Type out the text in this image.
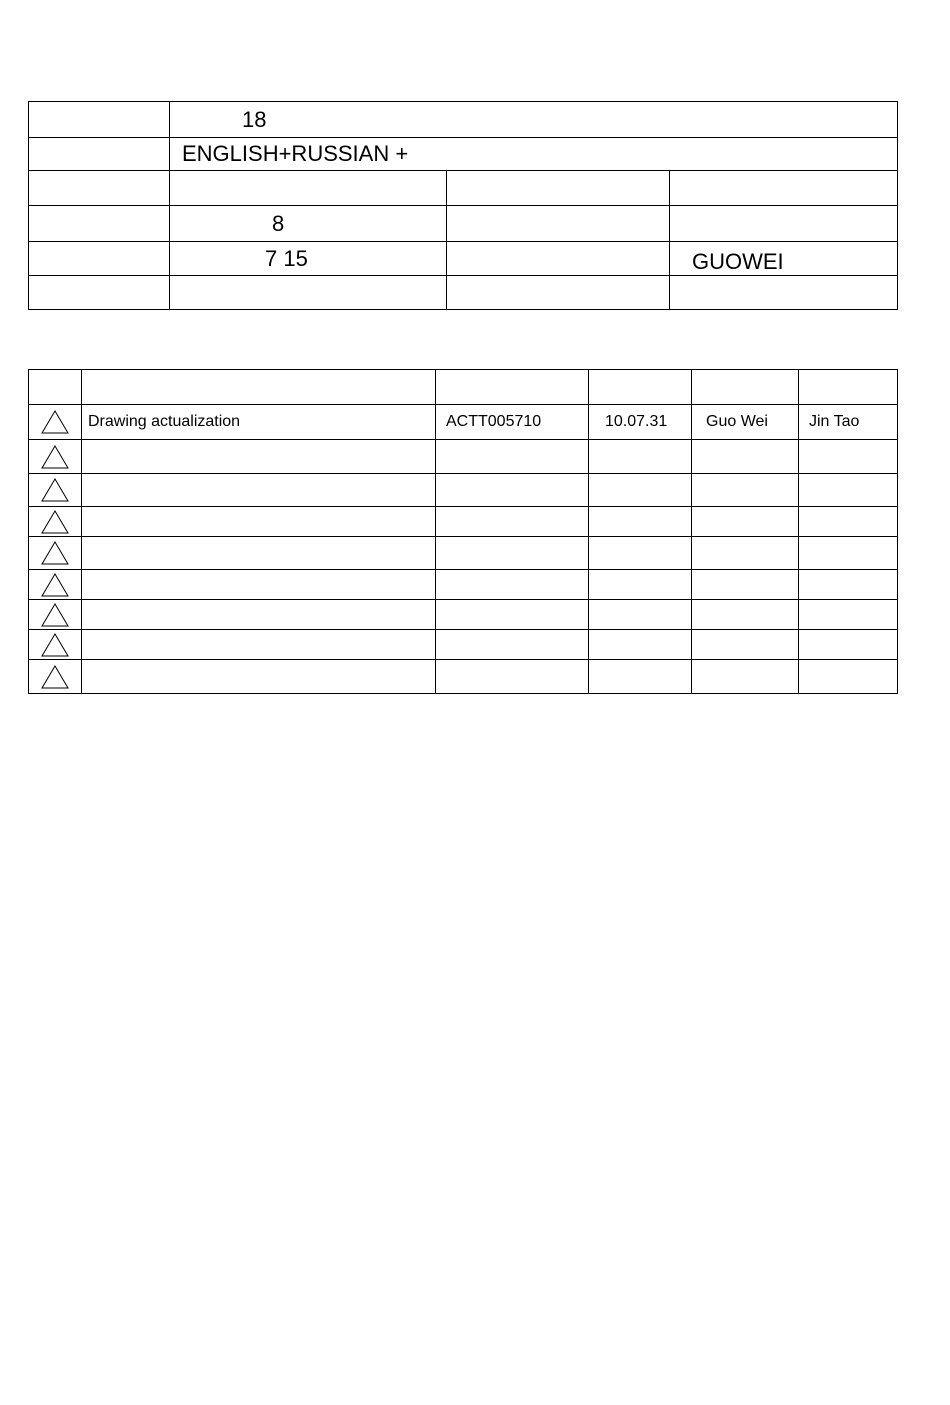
	18		
	ENGLISH+RUSSIAN +		

	8		
	7 15		GUOWEI

	Drawing actualization	ACTT005710	10.07.31	Guo Wei	Jin Tao
